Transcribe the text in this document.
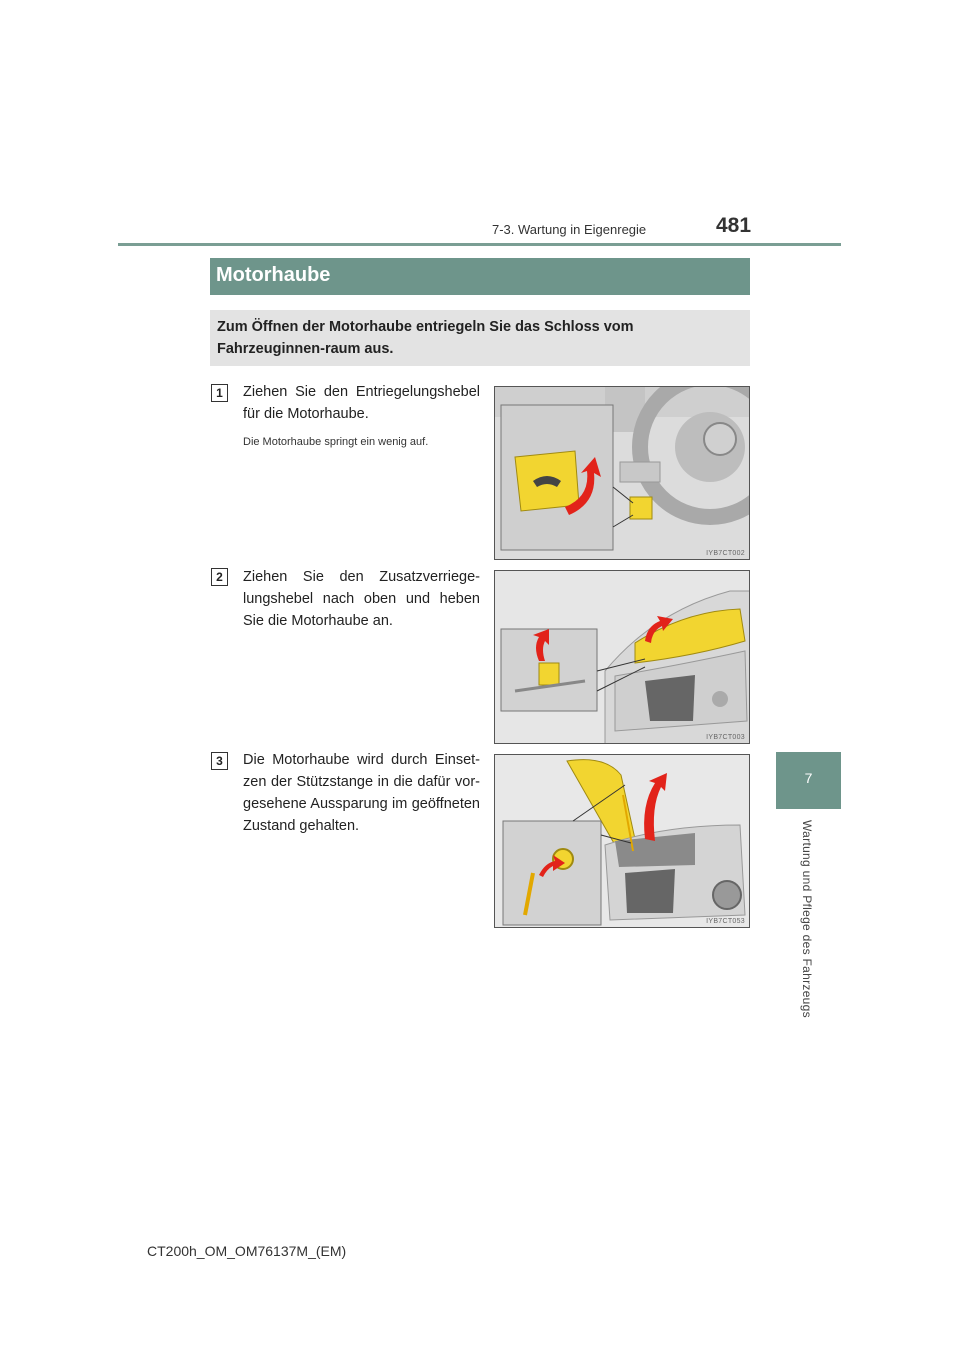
7-3. Wartung in Eigenregie	481
7
Wartung und Pflege des Fahrzeugs
Motorhaube
Zum Öffnen der Motorhaube entriegeln Sie das Schloss vom Fahrzeuginnen-raum aus.
1	Ziehen Sie den Entriegelungshebel für die Motorhaube.
Die Motorhaube springt ein wenig auf.
IYB7CT002
2	Ziehen Sie den Zusatzverriege-lungshebel nach oben und heben Sie die Motorhaube an.
IYB7CT003
3	Die Motorhaube wird durch Einset-zen der Stützstange in die dafür vor-gesehene Aussparung im geöffneten Zustand gehalten.
IYB7CT053
CT200h_OM_OM76137M_(EM)
